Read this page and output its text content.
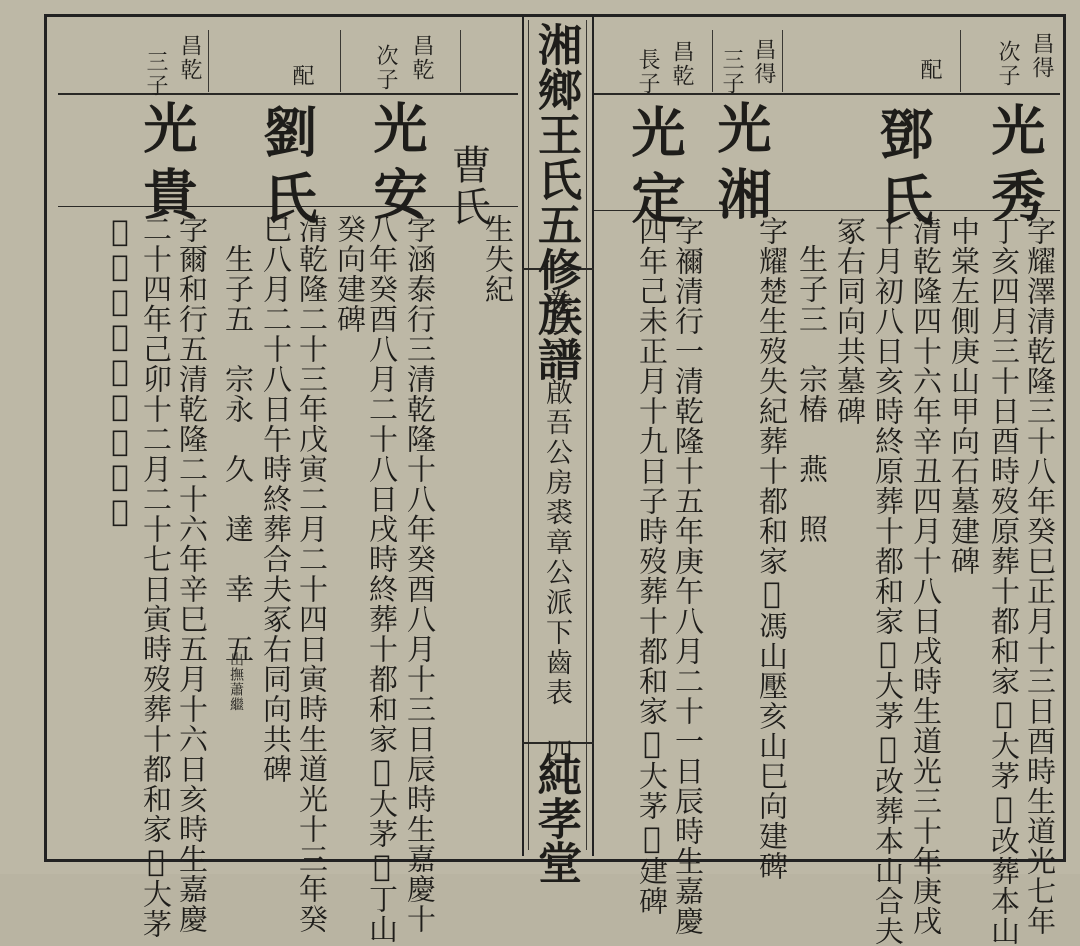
湘鄉王氏五修族譜
卷三　啟吾公房裘章公派下齒表　四
純孝堂
昌乾
三子	配	昌乾
次子
光貴 劉氏 光安 曹氏
生失紀
字涵泰行三清乾隆十八年癸酉八月十三日辰時生嘉慶十
八年癸酉八月二十八日戌時終葬十都和家𡋀大茅𡋀丁山
癸向建碑
清乾隆二十三年戊寅二月二十四日寅時生道光十三年癸
巳八月二十八日午時終葬合夫冢右同向共碑
生子五　宗永　久　達　幸　五
出撫蕭繼
字爾和行五清乾隆二十六年辛巳五月十六日亥時生嘉慶
二十四年己卯十二月二十七日寅時歿葬十都和家𡋀大茅
𡋀中棠坤山艮向建碑
昌乾
長子	昌得
三子	配	昌得
次子
光定 光湘 鄧氏 光秀
字禰清行一清乾隆十五年庚午八月二十一日辰時生嘉慶
四年己未正月十九日子時歿葬十都和家𡋀大茅𡋀建碑	字耀楚生歿失紀葬十都和家𡋀馮山壓亥山巳向建碑 生子三　宗椿　燕　照 冢右同向共墓碑 十月初八日亥時終原葬十都和家𡋀大茅𡋀改葬本山合夫 清乾隆四十六年辛丑四月十八日戌時生道光三十年庚戌 中棠左側庚山甲向石墓建碑 丁亥四月三十日酉時歿原葬十都和家𡋀大茅𡋀改葬本山 字耀澤清乾隆三十八年癸巳正月十三日酉時生道光七年
